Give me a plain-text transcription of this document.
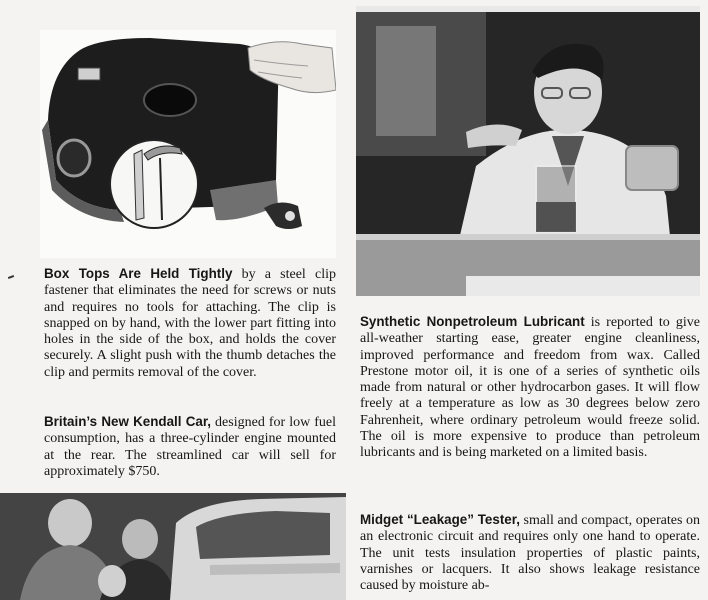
Box Tops Are Held Tightly by a steel clip fastener that eliminates the need for screws or nuts and requires no tools for attaching. The clip is snapped on by hand, with the lower part fitting into holes in the side of the box, and holds the cover securely. A slight push with the thumb detaches the clip and permits removal of the cover.

Britain’s New Kendall Car, designed for low fuel consumption, has a three-cylinder engine mounted at the rear. The streamlined car will sell for approximately $750.

Synthetic Nonpetroleum Lubricant is reported to give all-weather starting ease, greater engine cleanliness, improved performance and freedom from wax. Called Prestone motor oil, it is one of a series of synthetic oils made from natural or other hydrocarbon gases. It will flow freely at a temperature as low as 30 degrees below zero Fahrenheit, where ordinary petroleum would freeze solid. The oil is more expensive to produce than petroleum lubricants and is being marketed on a limited basis.

Midget “Leakage” Tester, small and compact, operates on an electronic circuit and requires only one hand to operate. The unit tests insulation properties of plastic paints, varnishes or lacquers. It also shows leakage resistance caused by moisture ab-
